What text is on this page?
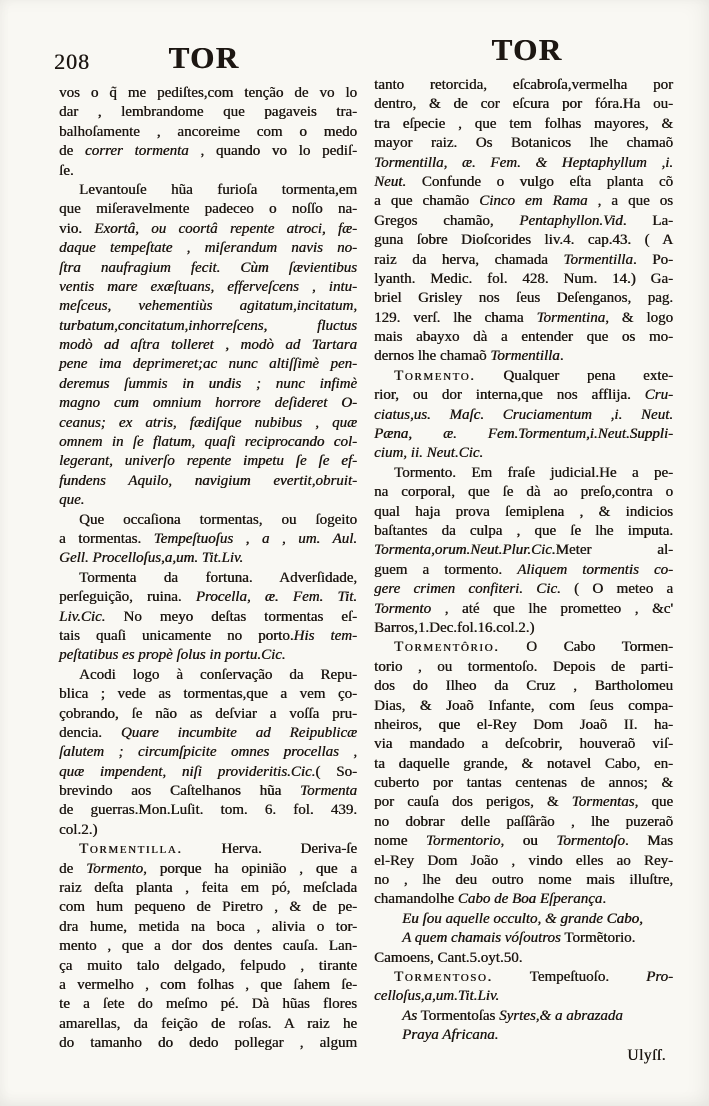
208	TOR	TOR
vos o q̃ me pediſtes,com tenção de vo lo
dar , lembrandome que pagaveis tra-
balhoſamente , ancoreime com o medo
de correr tormenta , quando vo lo pediſ-
ſe.
Levantouſe hũa furioſa tormenta,em
que miſeravelmente padeceo o noſſo na-
vio. Exortâ, ou coortâ repente atroci, fæ-
daque tempeſtate , miſerandum navis no-
ſtra naufragium fecit. Cùm ſævientibus
ventis mare exæſtuans, efferveſcens , intu-
meſceus, vehementiùs agitatum,incitatum,
turbatum,concitatum,inhorreſcens, fluctus
modò ad aſtra tolleret , modò ad Tartara
pene ima deprimeret;ac nunc altiſſimè pen-
deremus ſummis in undis ; nunc infimè
magno cum omnium horrore deſideret O-
ceanus; ex atris, fædiſque nubibus , quæ
omnem in ſe flatum, quaſi reciprocando col-
legerant, univerſo repente impetu ſe ſe ef-
fundens Aquilo, navigium evertit,obruit-
que.
Que occaſiona tormentas, ou ſogeito
a tormentas. Tempeſtuoſus , a , um. Aul.
Gell. Procelloſus,a,um. Tit.Liv.
Tormenta da fortuna. Adverſidade,
perſeguição, ruina. Procella, æ. Fem. Tit.
Liv.Cic. No meyo deſtas tormentas eſ-
tais quaſi unicamente no porto.His tem-
peſtatibus es propè ſolus in portu.Cic.
Acodi logo à conſervação da Repu-
blica ; vede as tormentas,que a vem ço-
çobrando, ſe não as deſviar a voſſa pru-
dencia. Quare incumbite ad Reipublicæ
ſalutem ; circumſpicite omnes procellas ,
quæ impendent, niſi provideritis.Cic.( So-
brevindo aos Caſtelhanos hũa Tormenta
de guerras.Mon.Luſit. tom. 6. fol. 439.
col.2.)
Tormentilla. Herva. Deriva-ſe
de Tormento, porque ha opinião , que a
raiz deſta planta , feita em pó, meſclada
com hum pequeno de Piretro , & de pe-
dra hume, metida na boca , alivia o tor-
mento , que a dor dos dentes cauſa. Lan-
ça muito talo delgado, felpudo , tirante
a vermelho , com folhas , que ſahem ſe-
te a ſete do meſmo pé. Dà hũas flores
amarellas, da feição de roſas. A raiz he
do tamanho do dedo pollegar , algum
tanto retorcida, eſcabroſa,vermelha por
dentro, & de cor eſcura por fóra.Ha ou-
tra eſpecie , que tem folhas mayores, &
mayor raiz. Os Botanicos lhe chamaõ
Tormentilla, æ. Fem. & Heptaphyllum ,i.
Neut. Confunde o vulgo eſta planta cõ
a que chamão Cinco em Rama , a que os
Gregos chamão, Pentaphyllon.Vid. La-
guna ſobre Dioſcorides liv.4. cap.43. ( A
raiz da herva, chamada Tormentilla. Po-
lyanth. Medic. fol. 428. Num. 14.) Ga-
briel Grisley nos ſeus Deſenganos, pag.
129. verſ. lhe chama Tormentina, & logo
mais abayxo dà a entender que os mo-
dernos lhe chamaõ Tormentilla.
Tormento. Qualquer pena exte-
rior, ou dor interna,que nos afflija. Cru-
ciatus,us. Maſc. Cruciamentum ,i. Neut.
Pæna, æ. Fem.Tormentum,i.Neut.Suppli-
cium, ii. Neut.Cic.
Tormento. Em fraſe judicial.He a pe-
na corporal, que ſe dà ao preſo,contra o
qual haja prova ſemiplena , & indicios
baſtantes da culpa , que ſe lhe imputa.
Tormenta,orum.Neut.Plur.Cic.Meter al-
guem a tormento. Aliquem tormentis co-
gere crimen confiteri. Cic. ( O meteo a
Tormento , até que lhe prometteo , &c'
Barros,1.Dec.fol.16.col.2.)
Tormentôrio. O Cabo Tormen-
torio , ou tormentoſo. Depois de parti-
dos do Ilheo da Cruz , Bartholomeu
Dias, & Joaõ Infante, com ſeus compa-
nheiros, que el-Rey Dom Joaõ II. ha-
via mandado a deſcobrir, houveraõ viſ-
ta daquelle grande, & notavel Cabo, en-
cuberto por tantas centenas de annos; &
por cauſa dos perigos, & Tormentas, que
no dobrar delle paſſârão , lhe puzeraõ
nome Tormentorio, ou Tormentoſo. Mas
el-Rey Dom João , vindo elles ao Rey-
no , lhe deu outro nome mais illuſtre,
chamandolhe Cabo de Boa Eſperança.
Eu ſou aquelle occulto, & grande Cabo,
A quem chamais vóſoutros Tormẽtorio.
Camoens, Cant.5.oyt.50.
Tormentoso. Tempeſtuoſo. Pro-
celloſus,a,um.Tit.Liv.
As Tormentoſas Syrtes,& a abrazada
Praya Africana.
Ulyſſ.
